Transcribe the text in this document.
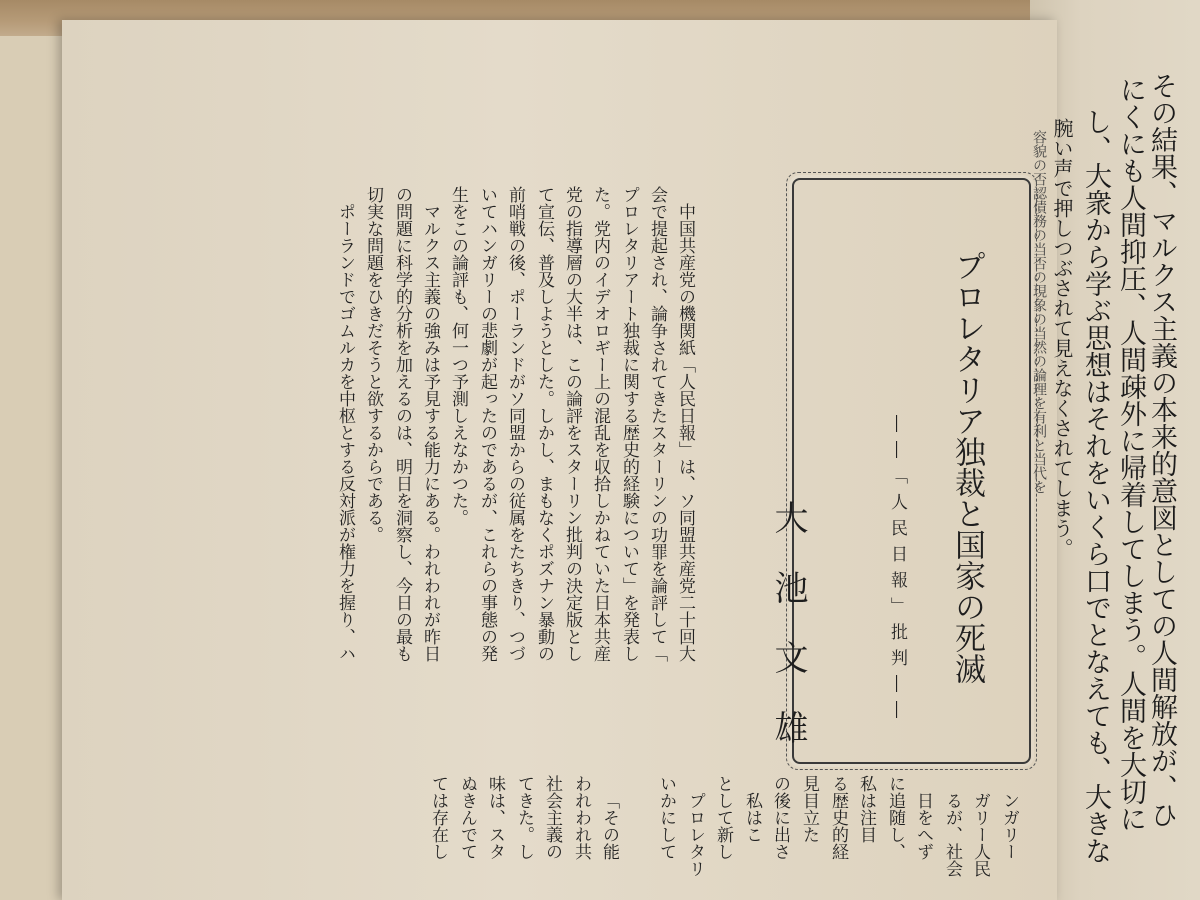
その結果、マルクス主義の本来的意図としての人間解放が、ひ
にくにも人間抑圧、人間疎外に帰着してしまう。人間を大切に
し、大衆から学ぶ思想はそれをいくら口でとなえても、大きな
腕い声で押しつぶされて見えなくされてしまう。
容貌の否認債務の当否の現象の当然の論理を有利と当代を
プロレタリア独裁と国家の死滅
――「人民日報」批判――
大池文雄
中国共産党の機関紙「人民日報」は、ソ同盟共産党二十回大
会で提起され、論争されてきたスターリンの功罪を論評して「
プロレタリアート独裁に関する歴史的経験について」を発表し
た。党内のイデオロギー上の混乱を収拾しかねていた日本共産
党の指導層の大半は、この論評をスターリン批判の決定版とし
て宣伝、普及しようとした。しかし、まもなくポズナン暴動の
前哨戦の後、ポーランドがソ同盟からの従属をたちきり、つづ
いてハンガリーの悲劇が起ったのであるが、これらの事態の発
生をこの論評も、何一つ予測しえなかつた。
マルクス主義の強みは予見する能力にある。われわれが昨日
の問題に科学的分析を加えるのは、明日を洞察し、今日の最も
切実な問題をひきだそうと欲するからである。
ポーランドでゴムルカを中枢とする反対派が権力を握り、ハ
ンガリー
ガリー人民
るが、社会
日をへず
に追随し、
私は注目
る歴史的経
見目立た
の後に出さ
私はこ
として新し
プロレタリ
いかにして
「その能
われわれ共
社会主義の
てきた。し
味は、スタ
ぬきんでて
ては存在し
